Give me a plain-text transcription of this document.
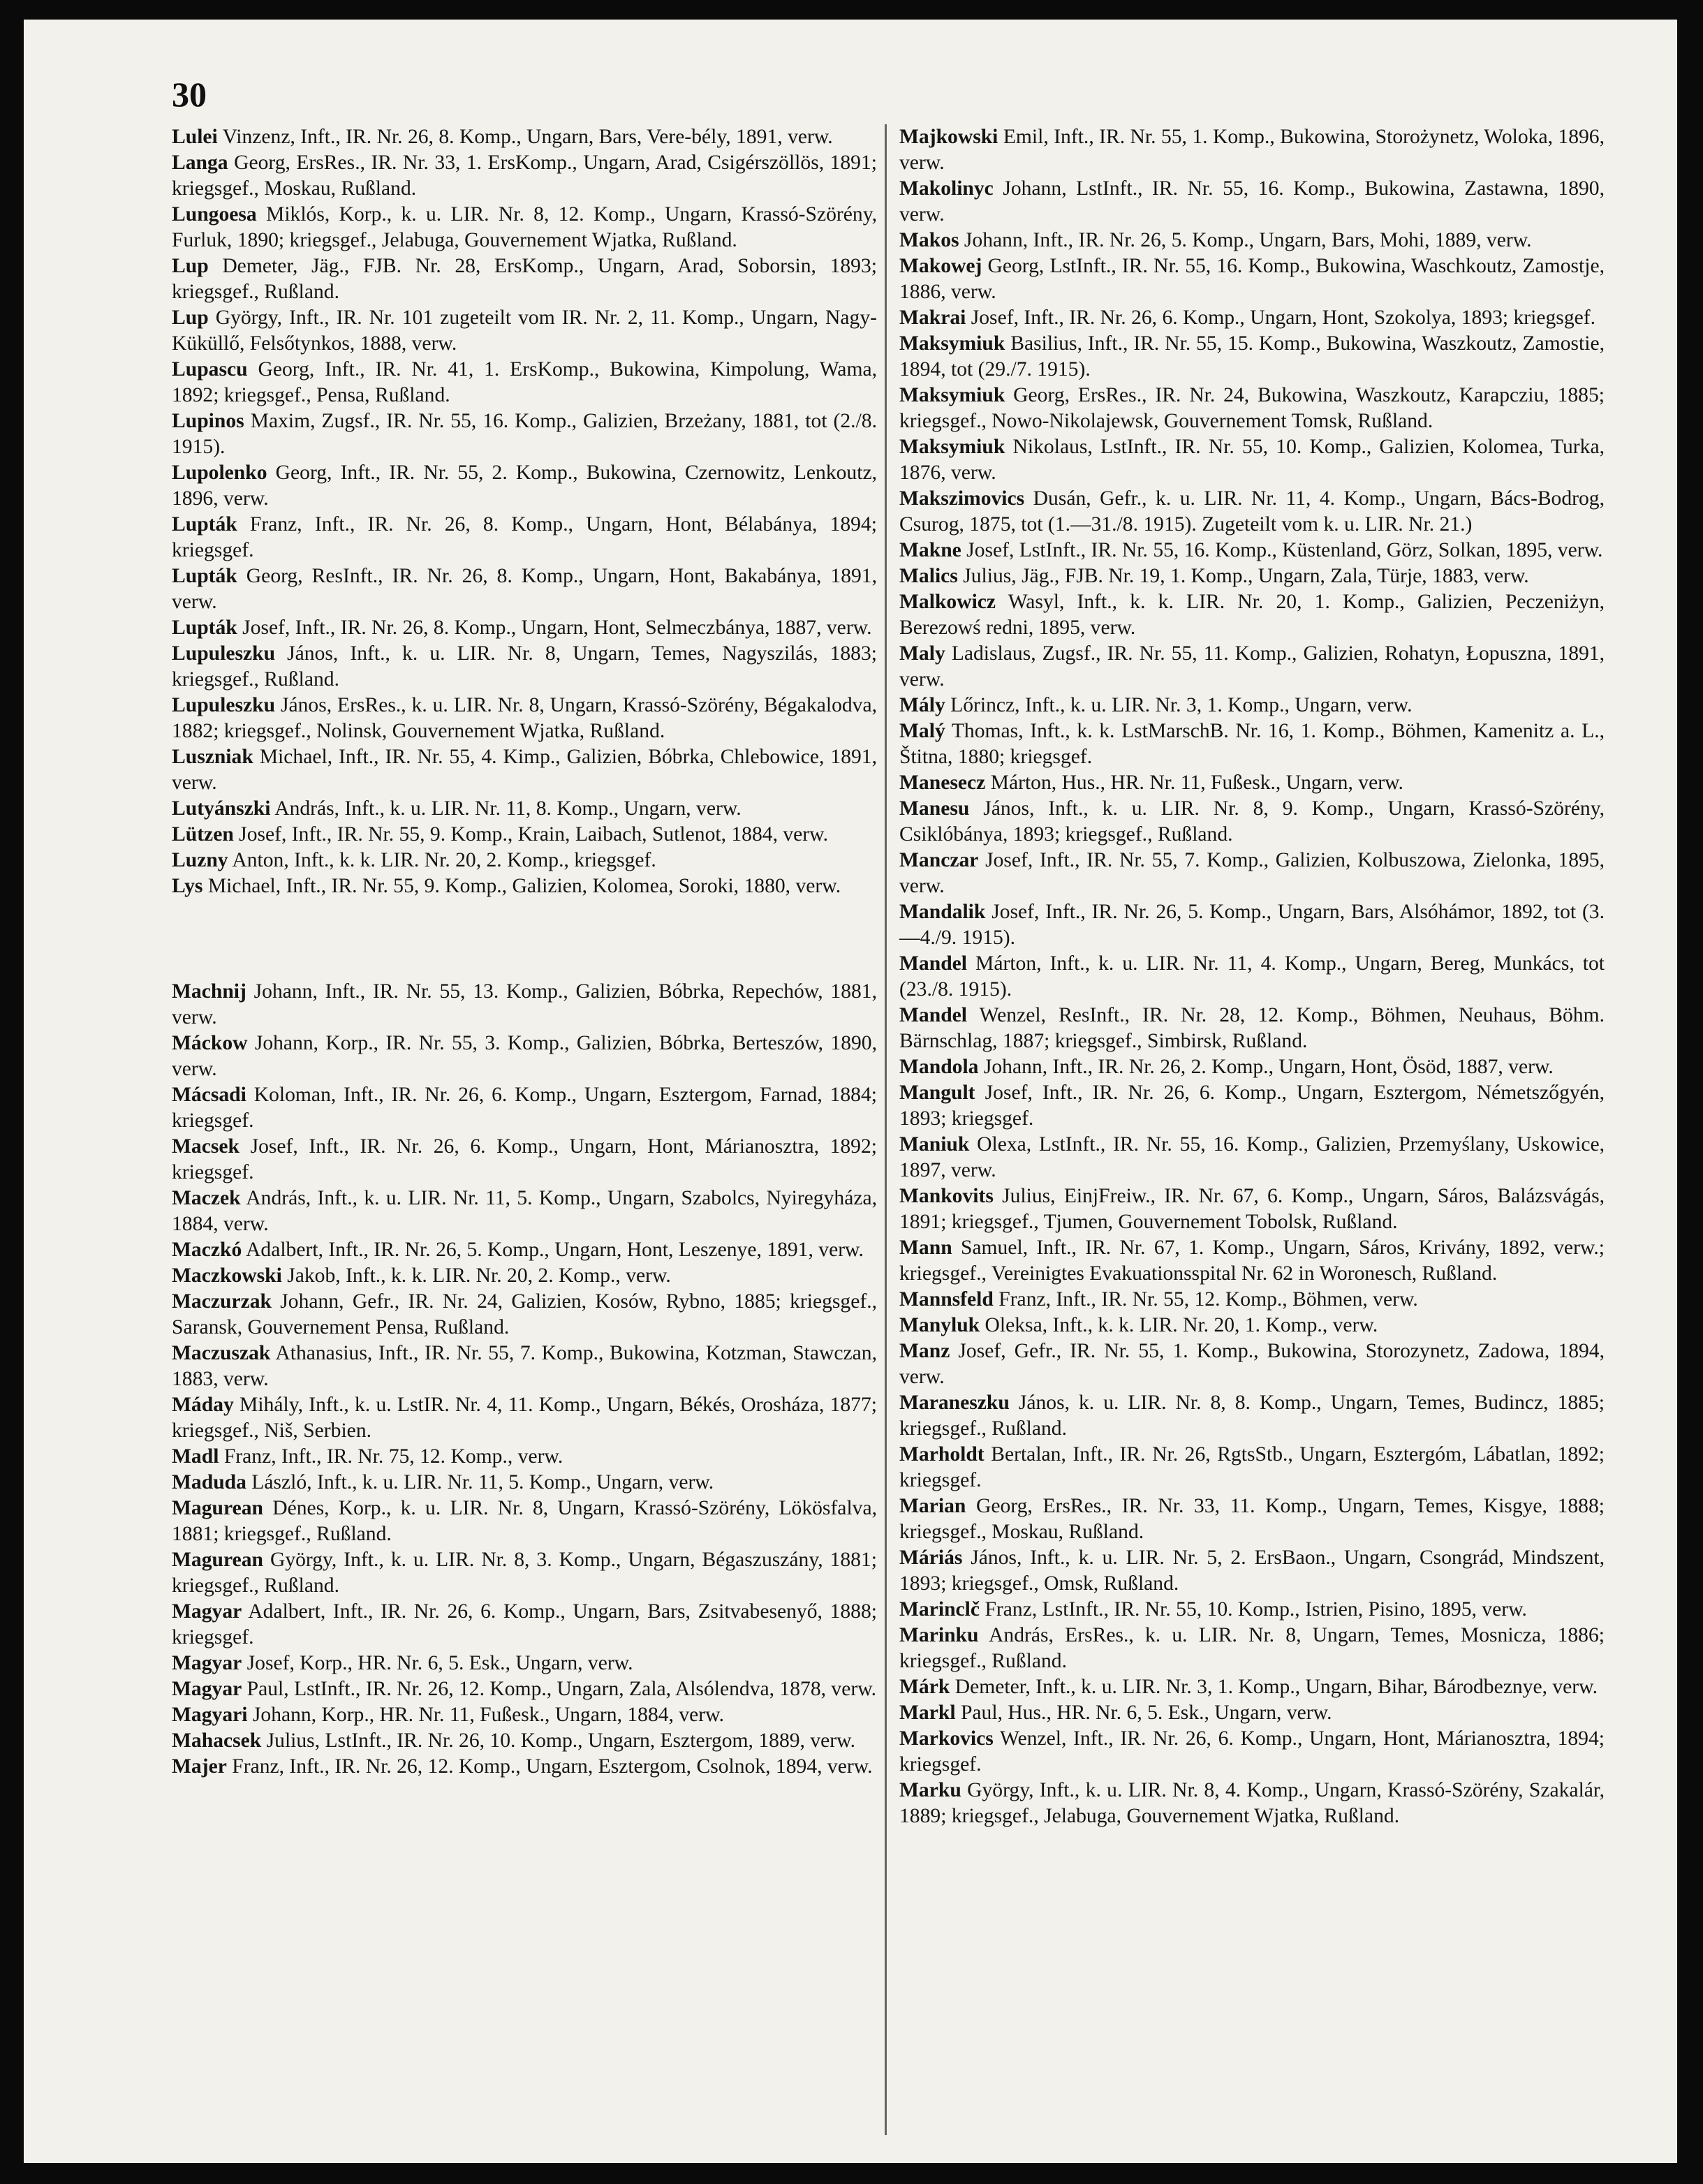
30

Lulei Vinzenz, Inft., IR. Nr. 26, 8. Komp., Ungarn, Bars, Vere-bély, 1891, verw.

Langa Georg, ErsRes., IR. Nr. 33, 1. ErsKomp., Ungarn, Arad, Csigérszöllös, 1891; kriegsgef., Moskau, Rußland.

Lungoesa Miklós, Korp., k. u. LIR. Nr. 8, 12. Komp., Ungarn, Krassó-Szörény, Furluk, 1890; kriegsgef., Jelabuga, Gouvernement Wjatka, Rußland.

Lup Demeter, Jäg., FJB. Nr. 28, ErsKomp., Ungarn, Arad, Soborsin, 1893; kriegsgef., Rußland.

Lup György, Inft., IR. Nr. 101 zugeteilt vom IR. Nr. 2, 11. Komp., Ungarn, Nagy-Küküllő, Felsőtynkos, 1888, verw.

Lupascu Georg, Inft., IR. Nr. 41, 1. ErsKomp., Bukowina, Kimpolung, Wama, 1892; kriegsgef., Pensa, Rußland.

Lupinos Maxim, Zugsf., IR. Nr. 55, 16. Komp., Galizien, Brzeżany, 1881, tot (2./8. 1915).

Lupolenko Georg, Inft., IR. Nr. 55, 2. Komp., Bukowina, Czernowitz, Lenkoutz, 1896, verw.

Lupták Franz, Inft., IR. Nr. 26, 8. Komp., Ungarn, Hont, Bélabánya, 1894; kriegsgef.

Lupták Georg, ResInft., IR. Nr. 26, 8. Komp., Ungarn, Hont, Bakabánya, 1891, verw.

Lupták Josef, Inft., IR. Nr. 26, 8. Komp., Ungarn, Hont, Selmeczbánya, 1887, verw.

Lupuleszku János, Inft., k. u. LIR. Nr. 8, Ungarn, Temes, Nagyszilás, 1883; kriegsgef., Rußland.

Lupuleszku János, ErsRes., k. u. LIR. Nr. 8, Ungarn, Krassó-Szörény, Bégakalodva, 1882; kriegsgef., Nolinsk, Gouvernement Wjatka, Rußland.

Luszniak Michael, Inft., IR. Nr. 55, 4. Kimp., Galizien, Bóbrka, Chlebowice, 1891, verw.

Lutyánszki András, Inft., k. u. LIR. Nr. 11, 8. Komp., Ungarn, verw.

Lützen Josef, Inft., IR. Nr. 55, 9. Komp., Krain, Laibach, Sutlenot, 1884, verw.

Luzny Anton, Inft., k. k. LIR. Nr. 20, 2. Komp., kriegsgef.

Lys Michael, Inft., IR. Nr. 55, 9. Komp., Galizien, Kolomea, Soroki, 1880, verw.

Machnij Johann, Inft., IR. Nr. 55, 13. Komp., Galizien, Bóbrka, Repechów, 1881, verw.

Máckow Johann, Korp., IR. Nr. 55, 3. Komp., Galizien, Bóbrka, Berteszów, 1890, verw.

Mácsadi Koloman, Inft., IR. Nr. 26, 6. Komp., Ungarn, Esztergom, Farnad, 1884; kriegsgef.

Macsek Josef, Inft., IR. Nr. 26, 6. Komp., Ungarn, Hont, Márianosztra, 1892; kriegsgef.

Maczek András, Inft., k. u. LIR. Nr. 11, 5. Komp., Ungarn, Szabolcs, Nyiregyháza, 1884, verw.

Maczkó Adalbert, Inft., IR. Nr. 26, 5. Komp., Ungarn, Hont, Leszenye, 1891, verw.

Maczkowski Jakob, Inft., k. k. LIR. Nr. 20, 2. Komp., verw.

Maczurzak Johann, Gefr., IR. Nr. 24, Galizien, Kosów, Rybno, 1885; kriegsgef., Saransk, Gouvernement Pensa, Rußland.

Maczuszak Athanasius, Inft., IR. Nr. 55, 7. Komp., Bukowina, Kotzman, Stawczan, 1883, verw.

Máday Mihály, Inft., k. u. LstIR. Nr. 4, 11. Komp., Ungarn, Békés, Orosháza, 1877; kriegsgef., Niš, Serbien.

Madl Franz, Inft., IR. Nr. 75, 12. Komp., verw.

Maduda László, Inft., k. u. LIR. Nr. 11, 5. Komp., Ungarn, verw.

Magurean Dénes, Korp., k. u. LIR. Nr. 8, Ungarn, Krassó-Szörény, Lökösfalva, 1881; kriegsgef., Rußland.

Magurean György, Inft., k. u. LIR. Nr. 8, 3. Komp., Ungarn, Bégaszuszány, 1881; kriegsgef., Rußland.

Magyar Adalbert, Inft., IR. Nr. 26, 6. Komp., Ungarn, Bars, Zsitvabesenyő, 1888; kriegsgef.

Magyar Josef, Korp., HR. Nr. 6, 5. Esk., Ungarn, verw.

Magyar Paul, LstInft., IR. Nr. 26, 12. Komp., Ungarn, Zala, Alsólendva, 1878, verw.

Magyari Johann, Korp., HR. Nr. 11, Fußesk., Ungarn, 1884, verw.

Mahacsek Julius, LstInft., IR. Nr. 26, 10. Komp., Ungarn, Esztergom, 1889, verw.

Majer Franz, Inft., IR. Nr. 26, 12. Komp., Ungarn, Esztergom, Csolnok, 1894, verw.

Majkowski Emil, Inft., IR. Nr. 55, 1. Komp., Bukowina, Storożynetz, Woloka, 1896, verw.

Makolinyc Johann, LstInft., IR. Nr. 55, 16. Komp., Bukowina, Zastawna, 1890, verw.

Makos Johann, Inft., IR. Nr. 26, 5. Komp., Ungarn, Bars, Mohi, 1889, verw.

Makowej Georg, LstInft., IR. Nr. 55, 16. Komp., Bukowina, Waschkoutz, Zamostje, 1886, verw.

Makrai Josef, Inft., IR. Nr. 26, 6. Komp., Ungarn, Hont, Szokolya, 1893; kriegsgef.

Maksymiuk Basilius, Inft., IR. Nr. 55, 15. Komp., Bukowina, Waszkoutz, Zamostie, 1894, tot (29./7. 1915).

Maksymiuk Georg, ErsRes., IR. Nr. 24, Bukowina, Waszkoutz, Karapcziu, 1885; kriegsgef., Nowo-Nikolajewsk, Gouvernement Tomsk, Rußland.

Maksymiuk Nikolaus, LstInft., IR. Nr. 55, 10. Komp., Galizien, Kolomea, Turka, 1876, verw.

Makszimovics Dusán, Gefr., k. u. LIR. Nr. 11, 4. Komp., Ungarn, Bács-Bodrog, Csurog, 1875, tot (1.—31./8. 1915). Zugeteilt vom k. u. LIR. Nr. 21.)

Makne Josef, LstInft., IR. Nr. 55, 16. Komp., Küstenland, Görz, Solkan, 1895, verw.

Malics Julius, Jäg., FJB. Nr. 19, 1. Komp., Ungarn, Zala, Türje, 1883, verw.

Malkowicz Wasyl, Inft., k. k. LIR. Nr. 20, 1. Komp., Galizien, Peczeniżyn, Berezowś redni, 1895, verw.

Maly Ladislaus, Zugsf., IR. Nr. 55, 11. Komp., Galizien, Rohatyn, Łopuszna, 1891, verw.

Mály Lőrincz, Inft., k. u. LIR. Nr. 3, 1. Komp., Ungarn, verw.

Malý Thomas, Inft., k. k. LstMarschB. Nr. 16, 1. Komp., Böhmen, Kamenitz a. L., Štitna, 1880; kriegsgef.

Manesecz Márton, Hus., HR. Nr. 11, Fußesk., Ungarn, verw.

Manesu János, Inft., k. u. LIR. Nr. 8, 9. Komp., Ungarn, Krassó-Szörény, Csiklóbánya, 1893; kriegsgef., Rußland.

Manczar Josef, Inft., IR. Nr. 55, 7. Komp., Galizien, Kolbuszowa, Zielonka, 1895, verw.

Mandalik Josef, Inft., IR. Nr. 26, 5. Komp., Ungarn, Bars, Alsóhámor, 1892, tot (3.—4./9. 1915).

Mandel Márton, Inft., k. u. LIR. Nr. 11, 4. Komp., Ungarn, Bereg, Munkács, tot (23./8. 1915).

Mandel Wenzel, ResInft., IR. Nr. 28, 12. Komp., Böhmen, Neuhaus, Böhm. Bärnschlag, 1887; kriegsgef., Simbirsk, Rußland.

Mandola Johann, Inft., IR. Nr. 26, 2. Komp., Ungarn, Hont, Ösöd, 1887, verw.

Mangult Josef, Inft., IR. Nr. 26, 6. Komp., Ungarn, Esztergom, Németszőgyén, 1893; kriegsgef.

Maniuk Olexa, LstInft., IR. Nr. 55, 16. Komp., Galizien, Przemyślany, Uskowice, 1897, verw.

Mankovits Julius, EinjFreiw., IR. Nr. 67, 6. Komp., Ungarn, Sáros, Balázsvágás, 1891; kriegsgef., Tjumen, Gouvernement Tobolsk, Rußland.

Mann Samuel, Inft., IR. Nr. 67, 1. Komp., Ungarn, Sáros, Krivány, 1892, verw.; kriegsgef., Vereinigtes Evakuationsspital Nr. 62 in Woronesch, Rußland.

Mannsfeld Franz, Inft., IR. Nr. 55, 12. Komp., Böhmen, verw.

Manyluk Oleksa, Inft., k. k. LIR. Nr. 20, 1. Komp., verw.

Manz Josef, Gefr., IR. Nr. 55, 1. Komp., Bukowina, Storozynetz, Zadowa, 1894, verw.

Maraneszku János, k. u. LIR. Nr. 8, 8. Komp., Ungarn, Temes, Budincz, 1885; kriegsgef., Rußland.

Marholdt Bertalan, Inft., IR. Nr. 26, RgtsStb., Ungarn, Esztergóm, Lábatlan, 1892; kriegsgef.

Marian Georg, ErsRes., IR. Nr. 33, 11. Komp., Ungarn, Temes, Kisgye, 1888; kriegsgef., Moskau, Rußland.

Máriás János, Inft., k. u. LIR. Nr. 5, 2. ErsBaon., Ungarn, Csongrád, Mindszent, 1893; kriegsgef., Omsk, Rußland.

Marinclč Franz, LstInft., IR. Nr. 55, 10. Komp., Istrien, Pisino, 1895, verw.

Marinku András, ErsRes., k. u. LIR. Nr. 8, Ungarn, Temes, Mosnicza, 1886; kriegsgef., Rußland.

Márk Demeter, Inft., k. u. LIR. Nr. 3, 1. Komp., Ungarn, Bihar, Bárodbeznye, verw.

Markl Paul, Hus., HR. Nr. 6, 5. Esk., Ungarn, verw.

Markovics Wenzel, Inft., IR. Nr. 26, 6. Komp., Ungarn, Hont, Márianosztra, 1894; kriegsgef.

Marku György, Inft., k. u. LIR. Nr. 8, 4. Komp., Ungarn, Krassó-Szörény, Szakalár, 1889; kriegsgef., Jelabuga, Gouvernement Wjatka, Rußland.
